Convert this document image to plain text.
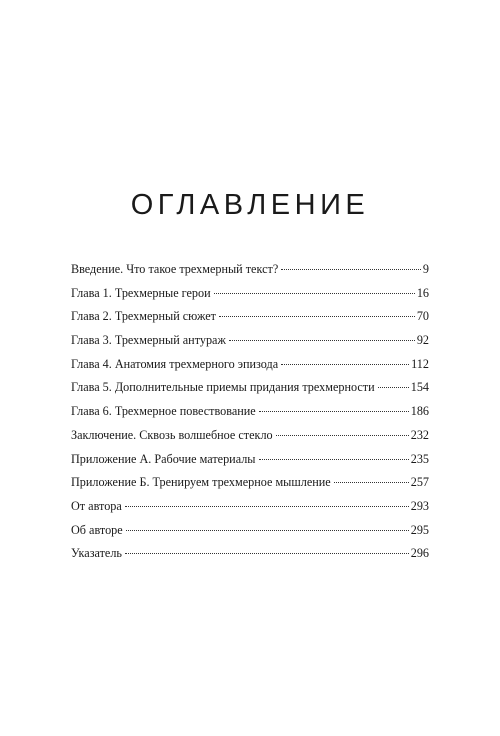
ОГЛАВЛЕНИЕ
Введение. Что такое трехмерный текст?	9
Глава 1. Трехмерные герои	16
Глава 2. Трехмерный сюжет	70
Глава 3. Трехмерный антураж	92
Глава 4. Анатомия трехмерного эпизода	112
Глава 5. Дополнительные приемы придания трехмерности	154
Глава 6. Трехмерное повествование	186
Заключение. Сквозь волшебное стекло	232
Приложение А. Рабочие материалы	235
Приложение Б. Тренируем трехмерное мышление	257
От автора	293
Об авторе	295
Указатель	296
